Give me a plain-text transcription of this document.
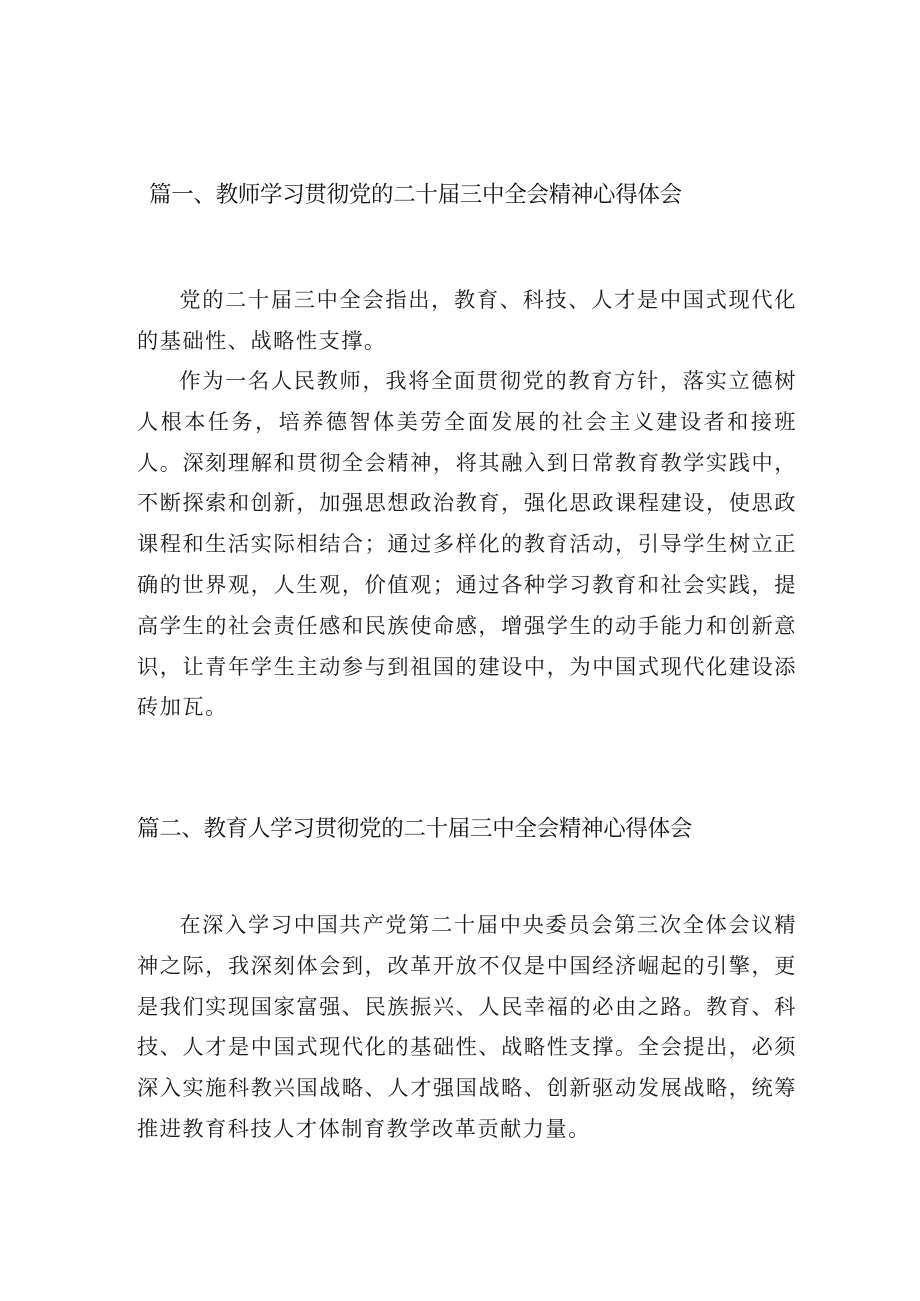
篇一、教师学习贯彻党的二十届三中全会精神心得体会

党的二十届三中全会指出，教育、科技、人才是中国式现代化的基础性、战略性支撑。

作为一名人民教师，我将全面贯彻党的教育方针，落实立德树人根本任务，培养德智体美劳全面发展的社会主义建设者和接班人。深刻理解和贯彻全会精神，将其融入到日常教育教学实践中，不断探索和创新，加强思想政治教育，强化思政课程建设，使思政课程和生活实际相结合；通过多样化的教育活动，引导学生树立正确的世界观，人生观，价值观；通过各种学习教育和社会实践，提高学生的社会责任感和民族使命感，增强学生的动手能力和创新意识，让青年学生主动参与到祖国的建设中，为中国式现代化建设添砖加瓦。

篇二、教育人学习贯彻党的二十届三中全会精神心得体会

在深入学习中国共产党第二十届中央委员会第三次全体会议精神之际，我深刻体会到，改革开放不仅是中国经济崛起的引擎，更是我们实现国家富强、民族振兴、人民幸福的必由之路。教育、科技、人才是中国式现代化的基础性、战略性支撑。全会提出，必须深入实施科教兴国战略、人才强国战略、创新驱动发展战略，统筹推进教育科技人才体制育教学改革贡献力量。
